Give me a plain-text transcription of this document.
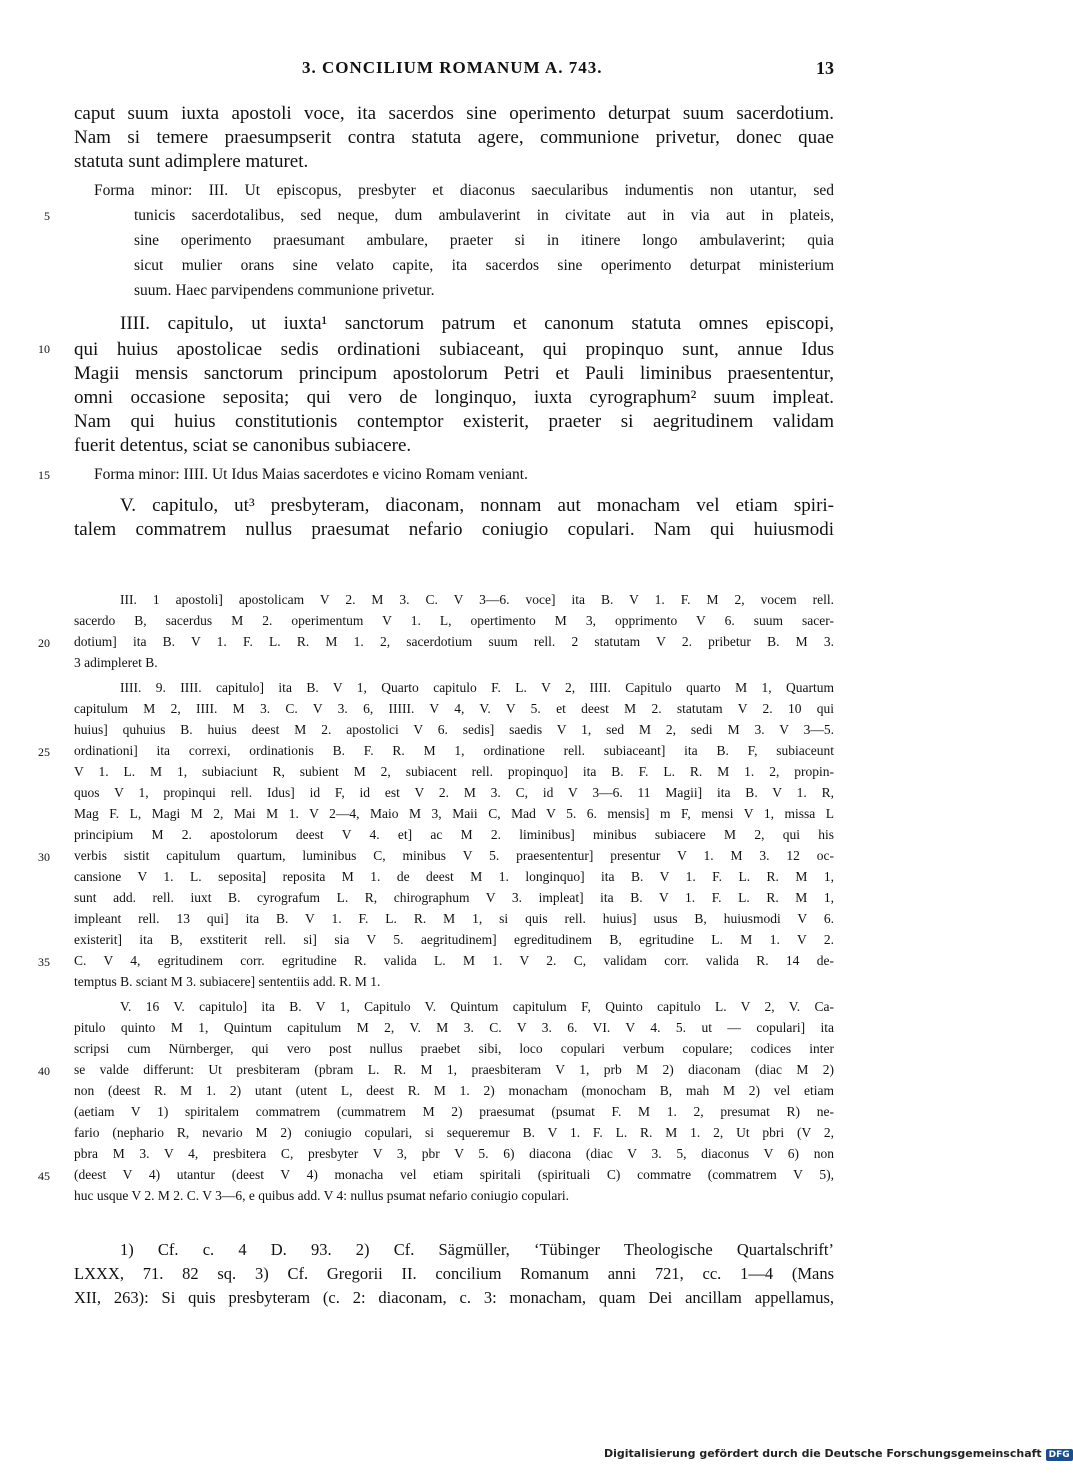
3. CONCILIUM ROMANUM A. 743.	13
caput suum iuxta apostoli voce, ita sacerdos sine operimento deturpat suum sacerdotium.
Nam si temere praesumpserit contra statuta agere, communione privetur, donec quae
statuta sunt adimplere maturet.
Forma minor: III. Ut episcopus, presbyter et diaconus saecularibus indumentis non utantur, sed
tunicis sacerdotalibus, sed neque, dum ambulaverint in civitate aut in via aut in plateis,
5
sine operimento praesumant ambulare, praeter si in itinere longo ambulaverint; quia
sicut mulier orans sine velato capite, ita sacerdos sine operimento deturpat ministerium
suum. Haec parvipendens communione privetur.
IIII. capitulo, ut iuxta¹ sanctorum patrum et canonum statuta omnes episcopi,
qui huius apostolicae sedis ordinationi subiaceant, qui propinquo sunt, annue Idus
10
Magii mensis sanctorum principum apostolorum Petri et Pauli liminibus praesententur,
omni occasione seposita; qui vero de longinquo, iuxta cyrographum² suum impleat.
Nam qui huius constitutionis contemptor existerit, praeter si aegritudinem validam
fuerit detentus, sciat se canonibus subiacere.
Forma minor: IIII. Ut Idus Maias sacerdotes e vicino Romam veniant.
15
V. capitulo, ut³ presbyteram, diaconam, nonnam aut monacham vel etiam spiri-
talem commatrem nullus praesumat nefario coniugio copulari. Nam qui huiusmodi
III. 1 apostoli] apostolicam V 2. M 3. C. V 3—6. voce] ita B. V 1. F. M 2, vocem rell.
sacerdo B, sacerdus M 2. operimentum V 1. L, opertimento M 3, opprimento V 6. suum sacer-
dotium] ita B. V 1. F. L. R. M 1. 2, sacerdotium suum rell. 2 statutam V 2. pribetur B. M 3.
20
3 adimpleret B.
IIII. 9. IIII. capitulo] ita B. V 1, Quarto capitulo F. L. V 2, IIII. Capitulo quarto M 1, Quartum
capitulum M 2, IIII. M 3. C. V 3. 6, IIIII. V 4, V. V 5. et deest M 2. statutam V 2. 10 qui
huius] quhuius B. huius deest M 2. apostolici V 6. sedis] saedis V 1, sed M 2, sedi M 3. V 3—5.
ordinationi] ita correxi, ordinationis B. F. R. M 1, ordinatione rell. subiaceant] ita B. F, subiaceunt
25
V 1. L. M 1, subiaciunt R, subient M 2, subiacent rell. propinquo] ita B. F. L. R. M 1. 2, propin-
quos V 1, propinqui rell. Idus] id F, id est V 2. M 3. C, id V 3—6. 11 Magii] ita B. V 1. R,
Mag F. L, Magi M 2, Mai M 1. V 2—4, Maio M 3, Maii C, Mad V 5. 6. mensis] m F, mensi V 1, missa L
principium M 2. apostolorum deest V 4. et] ac M 2. liminibus] minibus subiacere M 2, qui his
verbis sistit capitulum quartum, luminibus C, minibus V 5. praesententur] presentur V 1. M 3. 12 oc-
30
cansione V 1. L. seposita] reposita M 1. de deest M 1. longinquo] ita B. V 1. F. L. R. M 1,
sunt add. rell. iuxt B. cyrografum L. R, chirographum V 3. impleat] ita B. V 1. F. L. R. M 1,
impleant rell. 13 qui] ita B. V 1. F. L. R. M 1, si quis rell. huius] usus B, huiusmodi V 6.
existerit] ita B, exstiterit rell. si] sia V 5. aegritudinem] egreditudinem B, egritudine L. M 1. V 2.
C. V 4, egritudinem corr. egritudine R. valida L. M 1. V 2. C, validam corr. valida R. 14 de-
35
temptus B. sciant M 3. subiacere] sententiis add. R. M 1.
V. 16 V. capitulo] ita B. V 1, Capitulo V. Quintum capitulum F, Quinto capitulo L. V 2, V. Ca-
pitulo quinto M 1, Quintum capitulum M 2, V. M 3. C. V 3. 6. VI. V 4. 5. ut — copulari] ita
scripsi cum Nürnberger, qui vero post nullus praebet sibi, loco copulari verbum copulare; codices inter
se valde differunt: Ut presbiteram (pbram L. R. M 1, praesbiteram V 1, prb M 2) diaconam (diac M 2)
40
non (deest R. M 1. 2) utant (utent L, deest R. M 1. 2) monacham (monocham B, mah M 2) vel etiam
(aetiam V 1) spiritalem commatrem (cummatrem M 2) praesumat (psumat F. M 1. 2, presumat R) ne-
fario (nephario R, nevario M 2) coniugio copulari, si sequeremur B. V 1. F. L. R. M 1. 2, Ut pbri (V 2,
pbra M 3. V 4, presbitera C, presbyter V 3, pbr V 5. 6) diacona (diac V 3. 5, diaconus V 6) non
(deest V 4) utantur (deest V 4) monacha vel etiam spiritali (spirituali C) commatre (commatrem V 5),
45
huc usque V 2. M 2. C. V 3—6, e quibus add. V 4: nullus psumat nefario coniugio copulari.
1) Cf. c. 4 D. 93. 2) Cf. Sägmüller, ‘Tübinger Theologische Quartalschrift’
LXXX, 71. 82 sq. 3) Cf. Gregorii II. concilium Romanum anni 721, cc. 1—4 (Mans
XII, 263): Si quis presbyteram (c. 2: diaconam, c. 3: monacham, quam Dei ancillam appellamus,
Digitalisierung gefördert durch die Deutsche Forschungsgemeinschaft DFG
